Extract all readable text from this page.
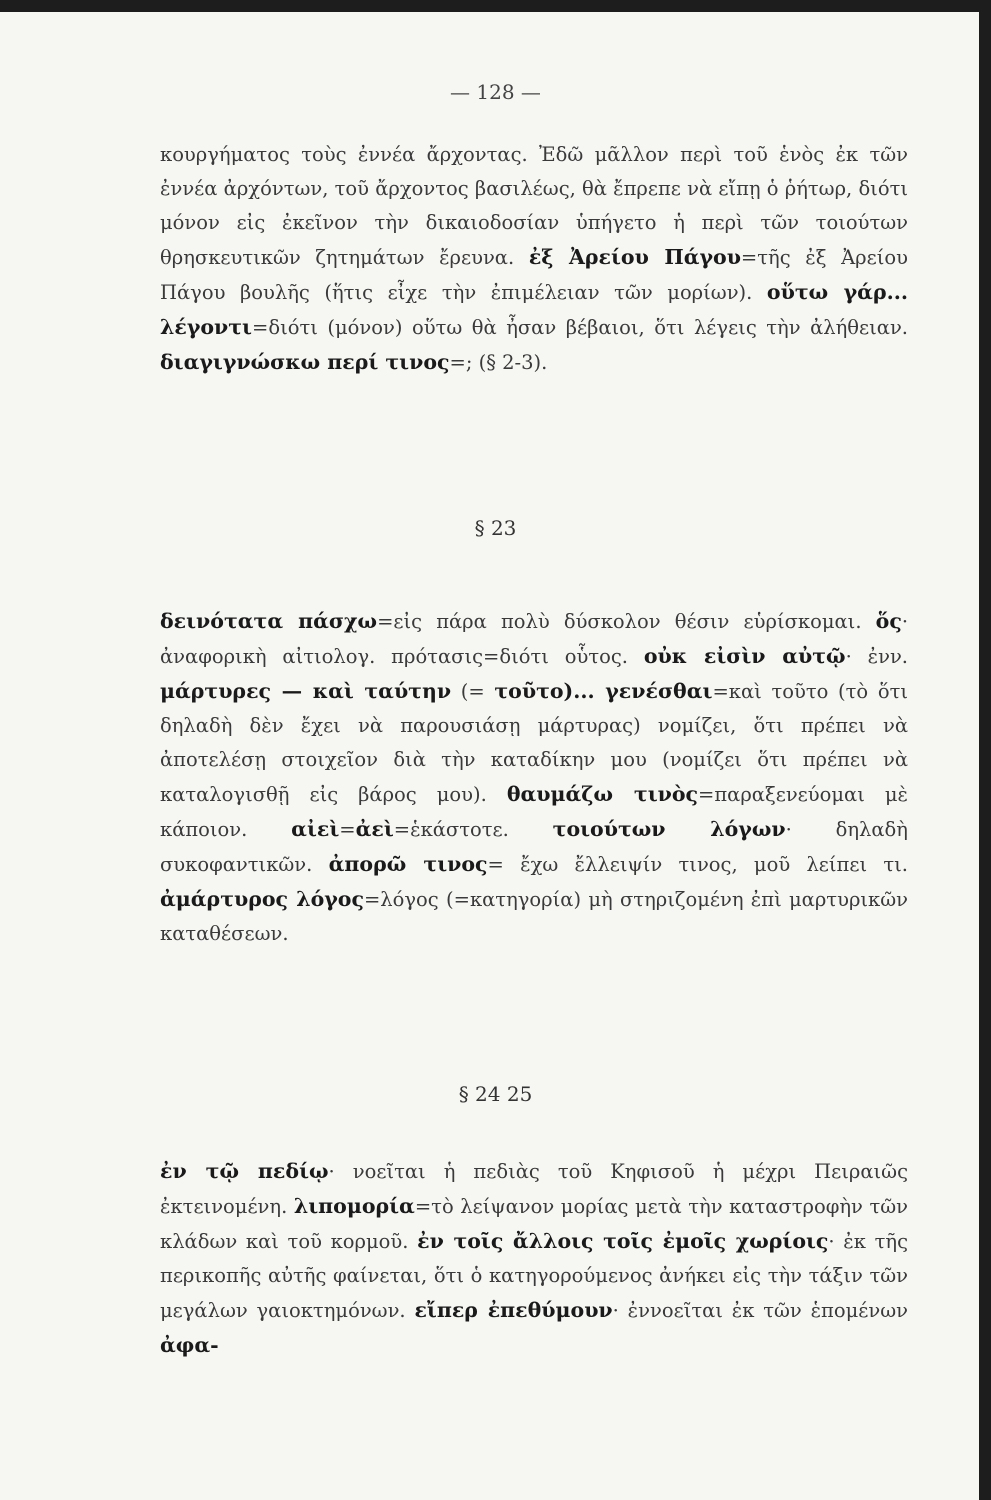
— 128 —
κουργήματος τοὺς ἐννέα ἄρχοντας. Ἐδῶ μᾶλλον περὶ τοῦ ἑνὸς ἐκ τῶν ἐννέα ἀρχόντων, τοῦ ἄρχοντος βασιλέως, θὰ ἔπρεπε νὰ εἴπῃ ὁ ῥήτωρ, διότι μόνον εἰς ἐκεῖνον τὴν δικαιοδοσίαν ὑπήγετο ἡ περὶ τῶν τοιούτων θρησκευτικῶν ζητημάτων ἔρευνα. ἐξ Ἀρείου Πάγου=τῆς ἐξ Ἀρείου Πάγου βουλῆς (ἥτις εἶχε τὴν ἐπιμέλειαν τῶν μορίων). οὕτω γάρ... λέγοντι=διότι (μόνον) οὕτω θὰ ἦσαν βέβαιοι, ὅτι λέγεις τὴν ἀλήθειαν. διαγιγνώσκω περί τινος=; (§ 2-3).
§ 23
δεινότατα πάσχω=εἰς πάρα πολὺ δύσκολον θέσιν εὑρίσκομαι. ὅς· ἀναφορικὴ αἰτιολογ. πρότασις=διότι οὗτος. οὐκ εἰσὶν αὐτῷ· ἐνν. μάρτυρες — καὶ ταύτην (= τοῦτο)... γενέσθαι=καὶ τοῦτο (τὸ ὅτι δηλαδὴ δὲν ἔχει νὰ παρουσιάσῃ μάρτυρας) νομίζει, ὅτι πρέπει νὰ ἀποτελέσῃ στοιχεῖον διὰ τὴν καταδίκην μου (νομίζει ὅτι πρέπει νὰ καταλογισθῇ εἰς βάρος μου). θαυμάζω τινὸς=παραξενεύομαι μὲ κάποιον. αἰεὶ=ἀεὶ=ἑκάστοτε. τοιούτων λόγων· δηλαδὴ συκοφαντικῶν. ἀπορῶ τινος= ἔχω ἔλλειψίν τινος, μοῦ λείπει τι. ἀμάρτυρος λόγος=λόγος (=κατηγορία) μὴ στηριζομένη ἐπὶ μαρτυρικῶν καταθέσεων.
§ 24 25
ἐν τῷ πεδίῳ· νοεῖται ἡ πεδιὰς τοῦ Κηφισοῦ ἡ μέχρι Πειραιῶς ἐκτεινομένη. λιπομορία=τὸ λείψανον μορίας μετὰ τὴν καταστροφὴν τῶν κλάδων καὶ τοῦ κορμοῦ. ἐν τοῖς ἄλλοις τοῖς ἐμοῖς χωρίοις· ἐκ τῆς περικοπῆς αὐτῆς φαίνεται, ὅτι ὁ κατηγορούμενος ἀνήκει εἰς τὴν τάξιν τῶν μεγάλων γαιοκτημόνων. εἴπερ ἐπεθύμουν· ἐννοεῖται ἐκ τῶν ἑπομένων ἀφα-
